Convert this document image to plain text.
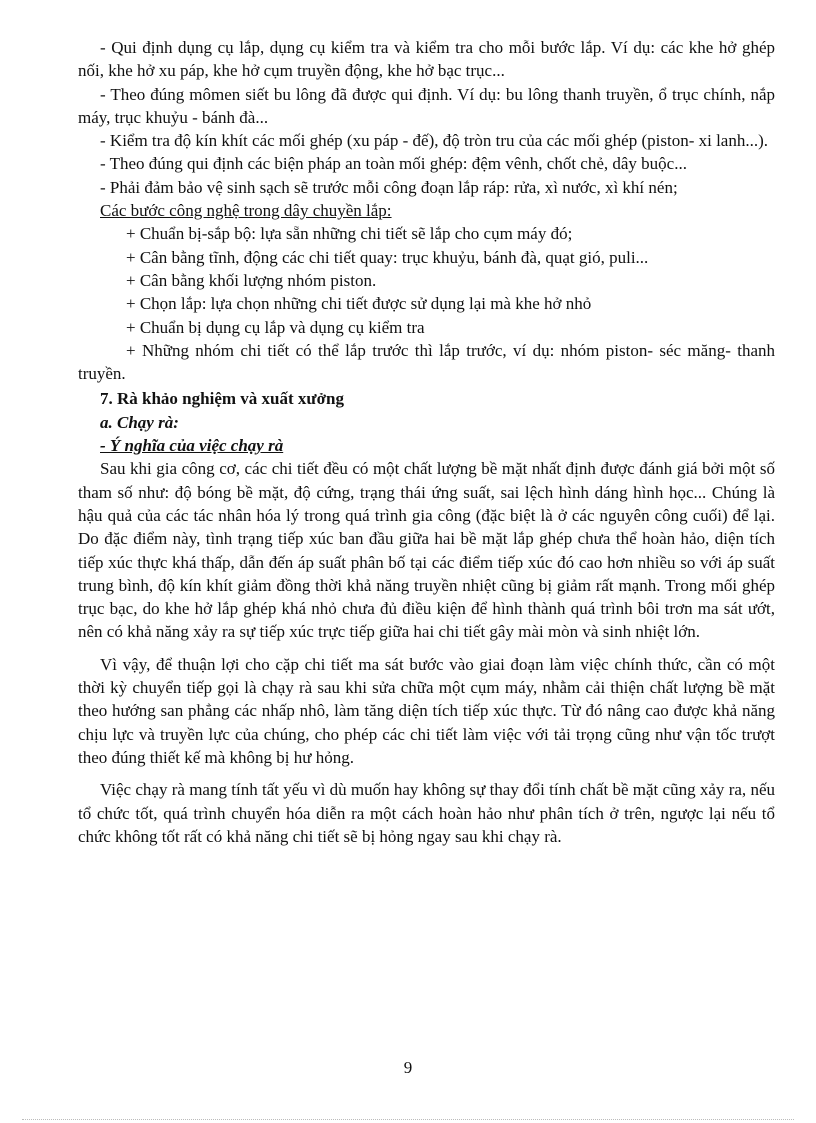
- Qui định dụng cụ lắp, dụng cụ kiểm tra và kiểm tra cho mỗi bước lắp. Ví dụ: các khe hở ghép nối, khe hở xu páp, khe hở cụm truyền động, khe hở bạc trục...

- Theo đúng mômen siết bu lông đã được qui định. Ví dụ: bu lông thanh truyền, ổ trục chính, nắp máy, trục khuỷu - bánh đà...

- Kiểm tra độ kín khít các mối ghép (xu páp - đế), độ tròn tru của các mối ghép (piston- xi lanh...).

- Theo đúng qui định các biện pháp an toàn mối ghép: đệm vênh, chốt chẻ, dây buộc...

- Phải đảm bảo vệ sinh sạch sẽ trước mỗi công đoạn lắp ráp: rửa, xì nước, xì khí nén;

Các bước công nghệ trong dây chuyền lắp:

+ Chuẩn bị-sắp bộ: lựa sẵn những chi tiết sẽ lắp cho cụm máy đó;

+ Cân bằng tĩnh, động các chi tiết quay: trục khuỷu, bánh đà, quạt gió, puli...

+ Cân bằng khối lượng nhóm piston.

+ Chọn lắp: lựa chọn những chi tiết được sử dụng lại mà khe hở nhỏ

+ Chuẩn bị dụng cụ lắp và dụng cụ kiểm tra

+ Những nhóm chi tiết có thể lắp trước thì lắp trước, ví dụ: nhóm piston- séc măng- thanh truyền.

7. Rà khảo nghiệm và xuất xưởng

a. Chạy rà:

- Ý nghĩa của việc chạy rà

Sau khi gia công cơ, các chi tiết đều có một chất lượng bề mặt nhất định được đánh giá bởi một số tham số như: độ bóng bề mặt, độ cứng, trạng thái ứng suất, sai lệch hình dáng hình học... Chúng là hậu quả của các tác nhân hóa lý trong quá trình gia công (đặc biệt là ở các nguyên công cuối) để lại. Do đặc điểm này, tình trạng tiếp xúc ban đầu giữa hai bề mặt lắp ghép chưa thể hoàn hảo, diện tích tiếp xúc thực khá thấp, dẫn đến áp suất phân bố tại các điểm tiếp xúc đó cao hơn nhiều so với áp suất trung bình, độ kín khít giảm đồng thời khả năng truyền nhiệt cũng bị giảm rất mạnh. Trong mối ghép trục bạc, do khe hở lắp ghép khá nhỏ chưa đủ điều kiện để hình thành quá trình bôi trơn ma sát ướt, nên có khả năng xảy ra sự tiếp xúc trực tiếp giữa hai chi tiết gây mài mòn và sinh nhiệt lớn.

Vì vậy, để thuận lợi cho cặp chi tiết ma sát bước vào giai đoạn làm việc chính thức, cần có một thời kỳ chuyển tiếp gọi là chạy rà sau khi sửa chữa một cụm máy, nhằm cải thiện chất lượng bề mặt theo hướng san phẳng các nhấp nhô, làm tăng diện tích tiếp xúc thực. Từ đó nâng cao được khả năng chịu lực và truyền lực của chúng, cho phép các chi tiết làm việc với tải trọng cũng như vận tốc trượt theo đúng thiết kế mà không bị hư hỏng.

Việc chạy rà mang tính tất yếu vì dù muốn hay không sự thay đổi tính chất bề mặt cũng xảy ra, nếu tổ chức tốt, quá trình chuyển hóa diễn ra một cách hoàn hảo như phân tích ở trên, ngược lại nếu tổ chức không tốt rất có khả năng chi tiết sẽ bị hỏng ngay sau khi chạy rà.

9
